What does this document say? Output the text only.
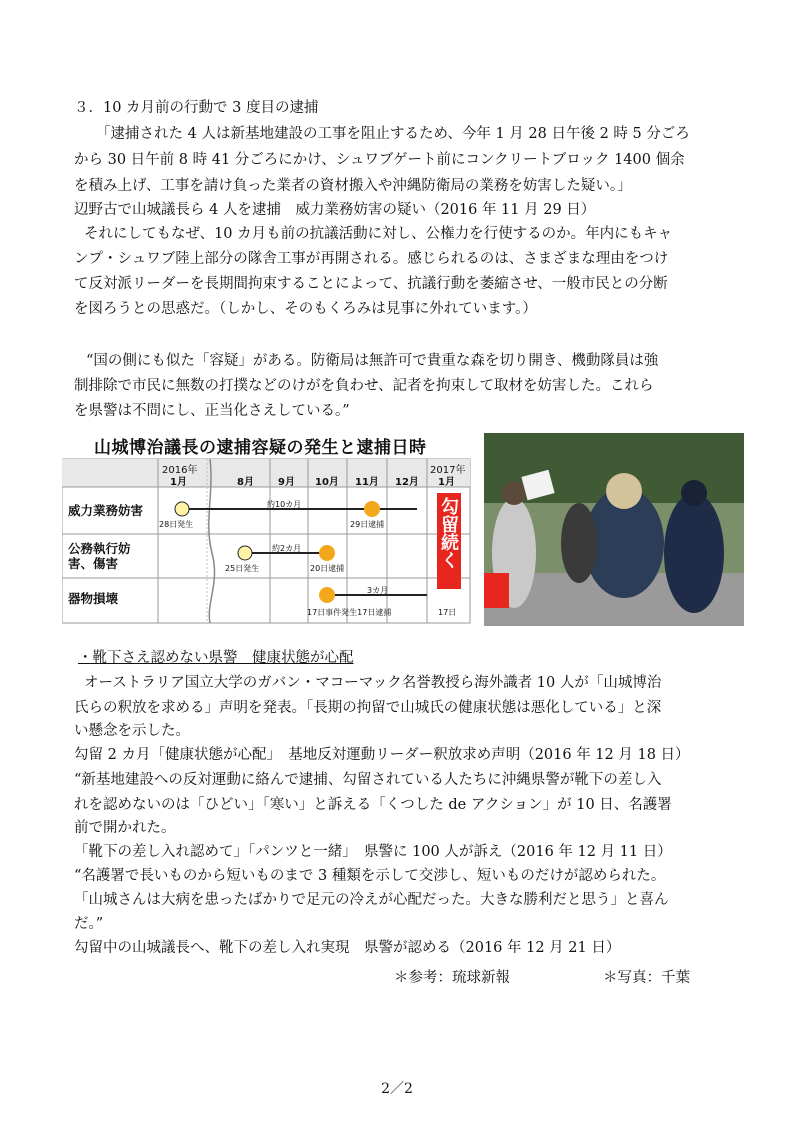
３．10 カ月前の行動で 3 度目の逮捕
「逮捕された 4 人は新基地建設の工事を阻止するため、今年 1 月 28 日午後 2 時 5 分ごろ
から 30 日午前 8 時 41 分ごろにかけ、シュワブゲート前にコンクリートブロック 1400 個余
を積み上げ、工事を請け負った業者の資材搬入や沖縄防衛局の業務を妨害した疑い。」
辺野古で山城議長ら 4 人を逮捕　威力業務妨害の疑い（2016 年 11 月 29 日）
それにしてもなぜ、10 カ月も前の抗議活動に対し、公権力を行使するのか。年内にもキャ
ンプ・シュワブ陸上部分の隊舎工事が再開される。感じられるのは、さまざまな理由をつけ
て反対派リーダーを長期間拘束することによって、抗議行動を萎縮させ、一般市民との分断
を図ろうとの思惑だ。（しかし、そのもくろみは見事に外れています。）
“国の側にも似た「容疑」がある。防衛局は無許可で貴重な森を切り開き、機動隊員は強
制排除で市民に無数の打撲などのけがを負わせ、記者を拘束して取材を妨害した。これら
を県警は不問にし、正当化さえしている。”
山城博治議長の逮捕容疑の発生と逮捕日時
2016年	2017年
1月	8月 9月 10月 11月 12月 1月
威力業務妨害
公務執行妨害、傷害
器物損壊
28日発生
約10カ月
29日逮捕
25日発生
約2カ月
20日逮捕
3カ月
17日事件発生17日逮捕	17日
勾留続く
・靴下さえ認めない県警　健康状態が心配
オーストラリア国立大学のガバン・マコーマック名誉教授ら海外識者 10 人が「山城博治
氏らの釈放を求める」声明を発表。「長期の拘留で山城氏の健康状態は悪化している」と深
い懸念を示した。
勾留 2 カ月「健康状態が心配」　基地反対運動リーダー釈放求め声明（2016 年 12 月 18 日）
“新基地建設への反対運動に絡んで逮捕、勾留されている人たちに沖縄県警が靴下の差し入
れを認めないのは「ひどい」「寒い」と訴える「くつした de アクション」が 10 日、名護署
前で開かれた。
「靴下の差し入れ認めて」「パンツと一緒」　県警に 100 人が訴え（2016 年 12 月 11 日）
“名護署で長いものから短いものまで 3 種類を示して交渉し、短いものだけが認められた。
「山城さんは大病を患ったばかりで足元の冷えが心配だった。大きな勝利だと思う」と喜ん
だ。”
勾留中の山城議長へ、靴下の差し入れ実現　県警が認める（2016 年 12 月 21 日）
＊参考：琉球新報	＊写真：千葉
2／2
